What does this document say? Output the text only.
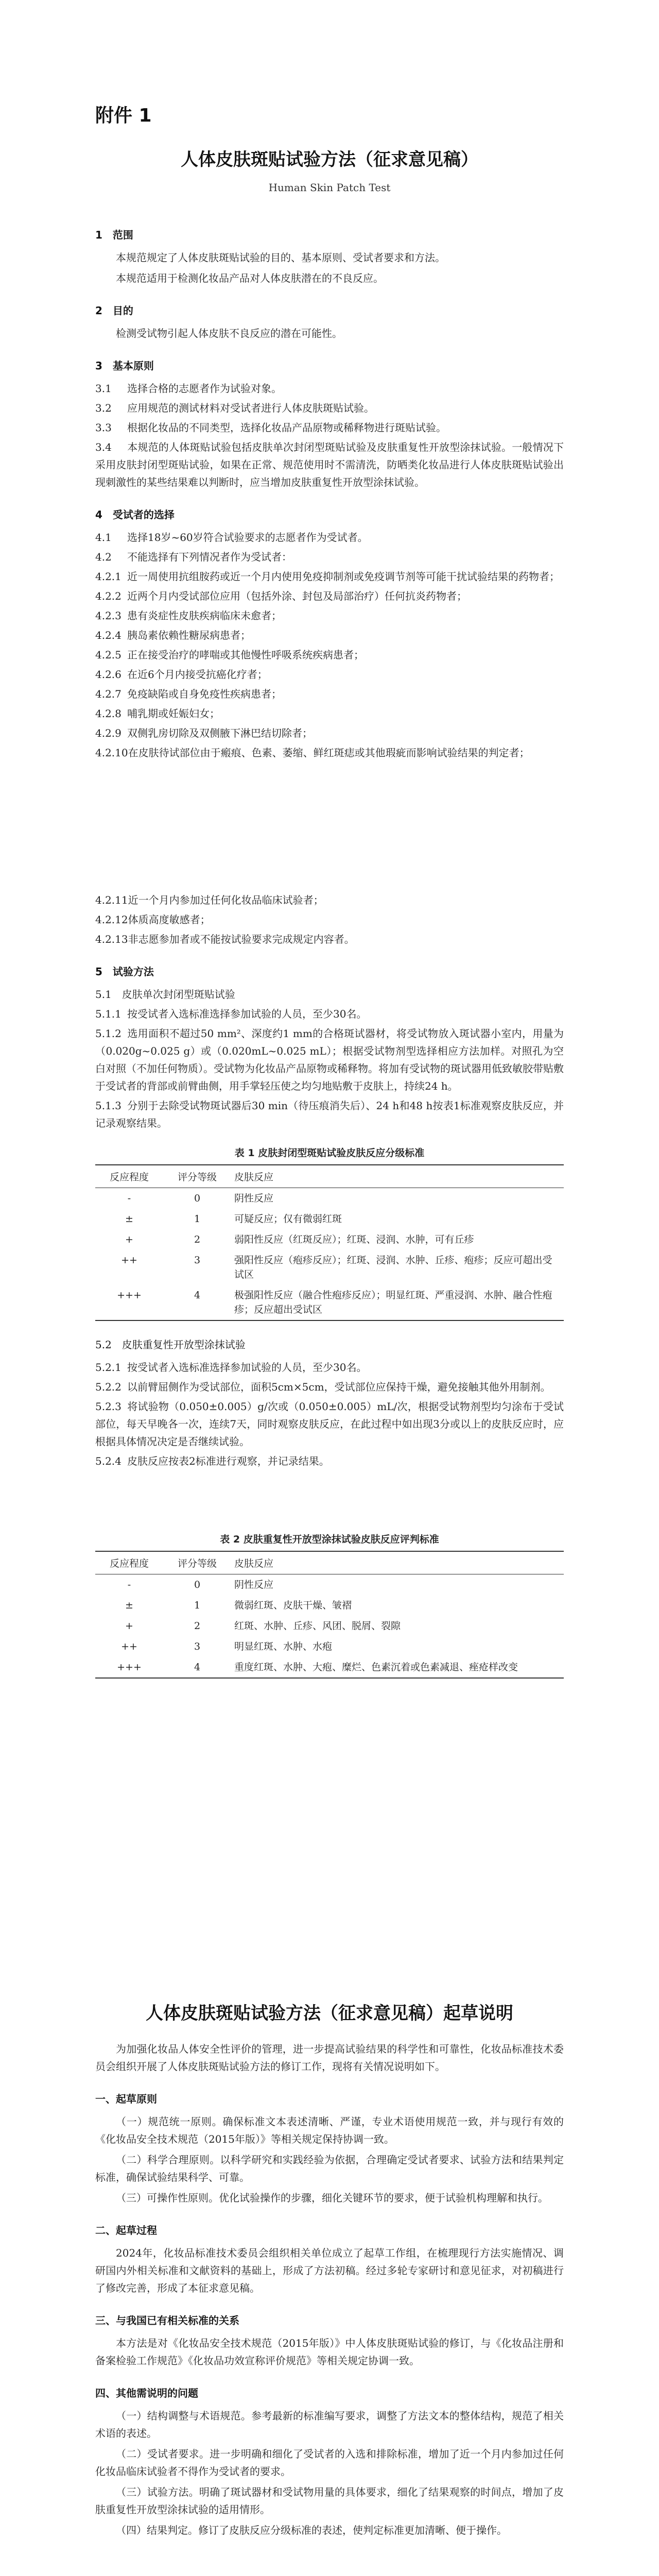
附件 1
人体皮肤斑贴试验方法（征求意见稿）
Human Skin Patch Test
1　范围
本规范规定了人体皮肤斑贴试验的目的、基本原则、受试者要求和方法。
本规范适用于检测化妆品产品对人体皮肤潜在的不良反应。
2　目的
检测受试物引起人体皮肤不良反应的潜在可能性。
3　基本原则
3.1 选择合格的志愿者作为试验对象。
3.2 应用规范的测试材料对受试者进行人体皮肤斑贴试验。
3.3 根据化妆品的不同类型，选择化妆品产品原物或稀释物进行斑贴试验。
3.4 本规范的人体斑贴试验包括皮肤单次封闭型斑贴试验及皮肤重复性开放型涂抹试验。一般情况下采用皮肤封闭型斑贴试验，如果在正常、规范使用时不需清洗，防晒类化妆品进行人体皮肤斑贴试验出现刺激性的某些结果难以判断时，应当增加皮肤重复性开放型涂抹试验。
4　受试者的选择
4.1 选择18岁~60岁符合试验要求的志愿者作为受试者。
4.2 不能选择有下列情况者作为受试者：
4.2.1 近一周使用抗组胺药或近一个月内使用免疫抑制剂或免疫调节剂等可能干扰试验结果的药物者；
4.2.2 近两个月内受试部位应用（包括外涂、封包及局部治疗）任何抗炎药物者；
4.2.3 患有炎症性皮肤疾病临床未愈者；
4.2.4 胰岛素依赖性糖尿病患者；
4.2.5 正在接受治疗的哮喘或其他慢性呼吸系统疾病患者；
4.2.6 在近6个月内接受抗癌化疗者；
4.2.7 免疫缺陷或自身免疫性疾病患者；
4.2.8 哺乳期或妊娠妇女；
4.2.9 双侧乳房切除及双侧腋下淋巴结切除者；
4.2.10在皮肤待试部位由于瘢痕、色素、萎缩、鲜红斑痣或其他瑕疵而影响试验结果的判定者；
4.2.11近一个月内参加过任何化妆品临床试验者；
4.2.12体质高度敏感者；
4.2.13非志愿参加者或不能按试验要求完成规定内容者。
5　试验方法
5.1　皮肤单次封闭型斑贴试验
5.1.1 按受试者入选标准选择参加试验的人员，至少30名。
5.1.2 选用面积不超过50 mm²、深度约1 mm的合格斑试器材，将受试物放入斑试器小室内，用量为（0.020g~0.025 g）或（0.020mL~0.025 mL）；根据受试物剂型选择相应方法加样。对照孔为空白对照（不加任何物质）。受试物为化妆品产品原物或稀释物。将加有受试物的斑试器用低致敏胶带贴敷于受试者的背部或前臂曲侧，用手掌轻压使之均匀地贴敷于皮肤上，持续24 h。
5.1.3 分别于去除受试物斑试器后30 min（待压痕消失后）、24 h和48 h按表1标准观察皮肤反应，并记录观察结果。
表 1 皮肤封闭型斑贴试验皮肤反应分级标准
反应程度	评分等级	皮肤反应
-	0	阴性反应
±	1	可疑反应；仅有微弱红斑
+	2	弱阳性反应（红斑反应）；红斑、浸润、水肿，可有丘疹
++	3	强阳性反应（疱疹反应）；红斑、浸润、水肿、丘疹、疱疹；反应可超出受试区
+++	4	极强阳性反应（融合性疱疹反应）；明显红斑、严重浸润、水肿、融合性疱疹；反应超出受试区
5.2　皮肤重复性开放型涂抹试验
5.2.1 按受试者入选标准选择参加试验的人员，至少30名。
5.2.2 以前臂屈侧作为受试部位，面积5cm×5cm，受试部位应保持干燥，避免接触其他外用制剂。
5.2.3 将试验物（0.050±0.005）g/次或（0.050±0.005）mL/次，根据受试物剂型均匀涂布于受试部位，每天早晚各一次，连续7天，同时观察皮肤反应，在此过程中如出现3分或以上的皮肤反应时，应根据具体情况决定是否继续试验。
5.2.4 皮肤反应按表2标准进行观察，并记录结果。
表 2 皮肤重复性开放型涂抹试验皮肤反应评判标准
反应程度	评分等级	皮肤反应
-	0	阴性反应
±	1	微弱红斑、皮肤干燥、皱褶
+	2	红斑、水肿、丘疹、风团、脱屑、裂隙
++	3	明显红斑、水肿、水疱
+++	4	重度红斑、水肿、大疱、糜烂、色素沉着或色素减退、痤疮样改变
人体皮肤斑贴试验方法（征求意见稿）起草说明
为加强化妆品人体安全性评价的管理，进一步提高试验结果的科学性和可靠性，化妆品标准技术委员会组织开展了人体皮肤斑贴试验方法的修订工作，现将有关情况说明如下。
一、起草原则
（一）规范统一原则。确保标准文本表述清晰、严谨，专业术语使用规范一致，并与现行有效的《化妆品安全技术规范（2015年版）》等相关规定保持协调一致。
（二）科学合理原则。以科学研究和实践经验为依据，合理确定受试者要求、试验方法和结果判定标准，确保试验结果科学、可靠。
（三）可操作性原则。优化试验操作的步骤，细化关键环节的要求，便于试验机构理解和执行。
二、起草过程
2024年，化妆品标准技术委员会组织相关单位成立了起草工作组，在梳理现行方法实施情况、调研国内外相关标准和文献资料的基础上，形成了方法初稿。经过多轮专家研讨和意见征求，对初稿进行了修改完善，形成了本征求意见稿。
三、与我国已有相关标准的关系
本方法是对《化妆品安全技术规范（2015年版）》中人体皮肤斑贴试验的修订，与《化妆品注册和备案检验工作规范》《化妆品功效宣称评价规范》等相关规定协调一致。
四、其他需说明的问题
（一）结构调整与术语规范。参考最新的标准编写要求，调整了方法文本的整体结构，规范了相关术语的表述。
（二）受试者要求。进一步明确和细化了受试者的入选和排除标准，增加了近一个月内参加过任何化妆品临床试验者不得作为受试者的要求。
（三）试验方法。明确了斑试器材和受试物用量的具体要求，细化了结果观察的时间点，增加了皮肤重复性开放型涂抹试验的适用情形。
（四）结果判定。修订了皮肤反应分级标准的表述，使判定标准更加清晰、便于操作。
